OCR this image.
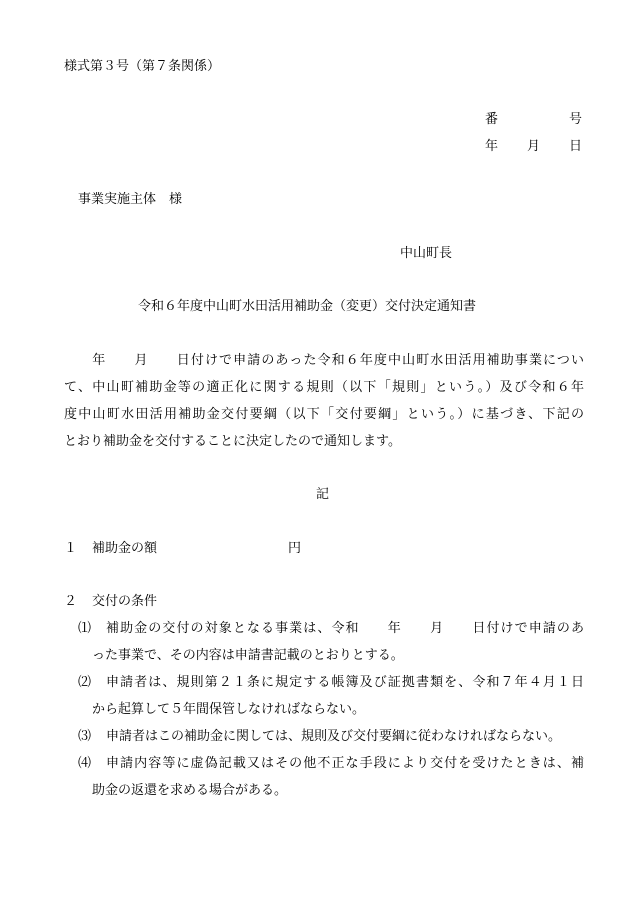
様式第３号（第７条関係）
番	号
年 月 日
事業実施主体　様
中山町長
令和６年度中山町水田活用補助金（変更）交付決定通知書
　　年　　月　　日付けで申請のあった令和６年度中山町水田活用補助事業につい
て、中山町補助金等の適正化に関する規則（以下「規則」という。）及び令和６年
度中山町水田活用補助金交付要綱（以下「交付要綱」という。）に基づき、下記の
とおり補助金を交付することに決定したので通知します。
記
１ 補助金の額	円
２ 交付の条件
⑴ 補助金の交付の対象となる事業は、令和　　年　　月　　日付けで申請のあ
った事業で、その内容は申請書記載のとおりとする。
⑵ 申請者は、規則第２１条に規定する帳簿及び証拠書類を、令和７年４月１日
から起算して５年間保管しなければならない。
⑶ 申請者はこの補助金に関しては、規則及び交付要綱に従わなければならない。
⑷ 申請内容等に虚偽記載又はその他不正な手段により交付を受けたときは、補
助金の返還を求める場合がある。
